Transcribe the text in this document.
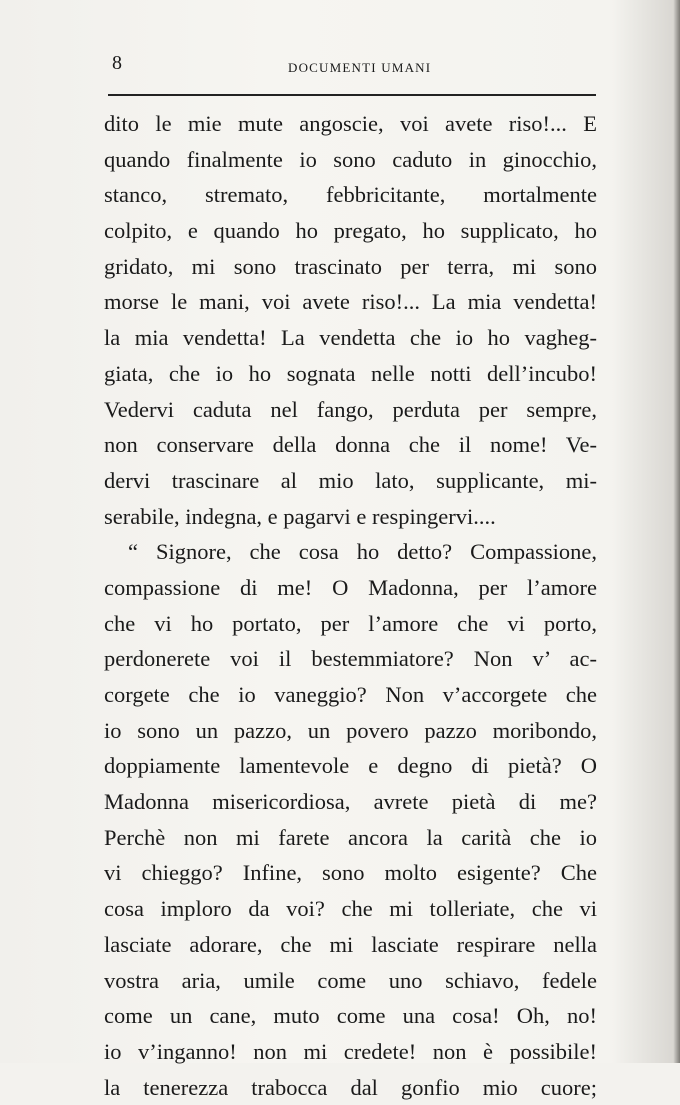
8	DOCUMENTI UMANI
dito le mie mute angoscie, voi avete riso!... E
quando finalmente io sono caduto in ginocchio,
stanco, stremato, febbricitante, mortalmente
colpito, e quando ho pregato, ho supplicato, ho
gridato, mi sono trascinato per terra, mi sono
morse le mani, voi avete riso!... La mia vendetta!
la mia vendetta! La vendetta che io ho vagheg-
giata, che io ho sognata nelle notti dell’incubo!
Vedervi caduta nel fango, perduta per sempre,
non conservare della donna che il nome! Ve-
dervi trascinare al mio lato, supplicante, mi-
serabile, indegna, e pagarvi e respingervi....
“ Signore, che cosa ho detto? Compassione,
compassione di me! O Madonna, per l’amore
che vi ho portato, per l’amore che vi porto,
perdonerete voi il bestemmiatore? Non v’ ac-
corgete che io vaneggio? Non v’accorgete che
io sono un pazzo, un povero pazzo moribondo,
doppiamente lamentevole e degno di pietà? O
Madonna misericordiosa, avrete pietà di me?
Perchè non mi farete ancora la carità che io
vi chieggo? Infine, sono molto esigente? Che
cosa imploro da voi? che mi tolleriate, che vi
lasciate adorare, che mi lasciate respirare nella
vostra aria, umile come uno schiavo, fedele
come un cane, muto come una cosa! Oh, no!
io v’inganno! non mi credete! non è possibile!
la tenerezza trabocca dal gonfio mio cuore;
